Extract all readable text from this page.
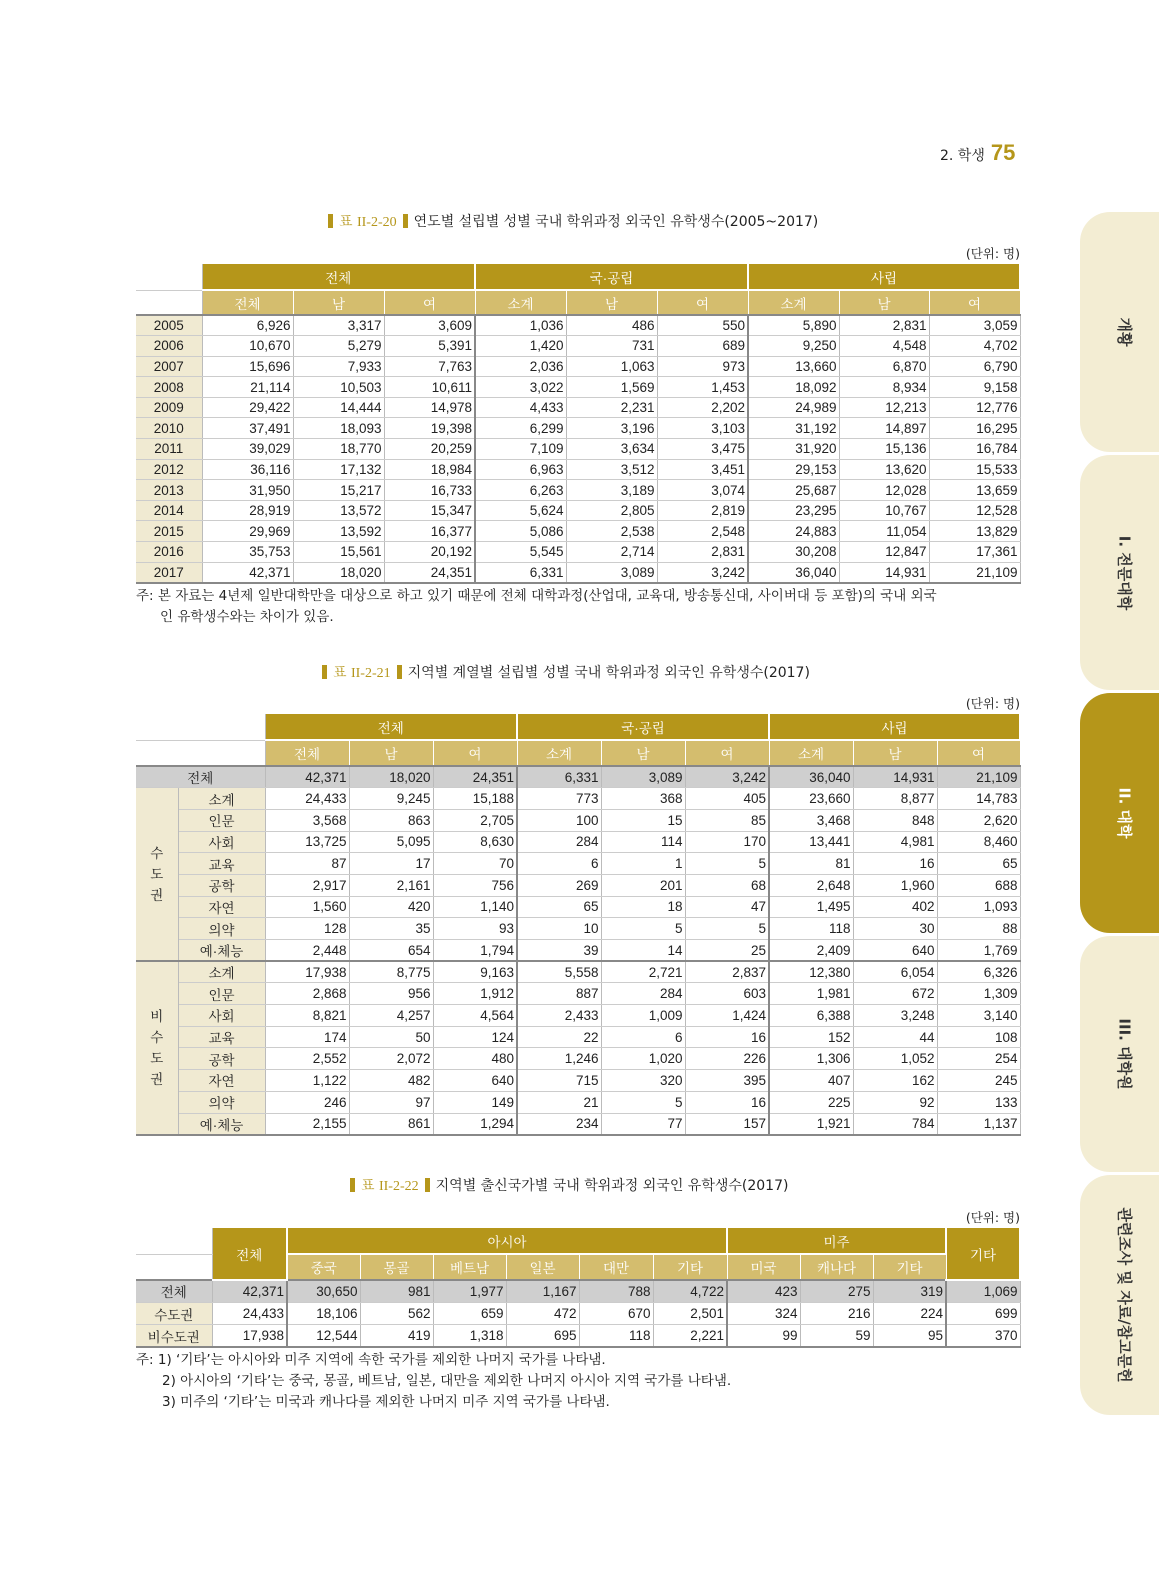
2. 학생 75
개황
I. 전문대학
II. 대학
III. 대학원
관련조사 및 자료/참고문헌
표 II-2-20 연도별 설립별 성별 국내 학위과정 외국인 유학생수(2005~2017)
(단위: 명)
	전체			국·공립			사립		
	전체	남	여	소계	남	여	소계	남	여
2005	6,926	3,317	3,609	1,036	486	550	5,890	2,831	3,059
2006	10,670	5,279	5,391	1,420	731	689	9,250	4,548	4,702
2007	15,696	7,933	7,763	2,036	1,063	973	13,660	6,870	6,790
2008	21,114	10,503	10,611	3,022	1,569	1,453	18,092	8,934	9,158
2009	29,422	14,444	14,978	4,433	2,231	2,202	24,989	12,213	12,776
2010	37,491	18,093	19,398	6,299	3,196	3,103	31,192	14,897	16,295
2011	39,029	18,770	20,259	7,109	3,634	3,475	31,920	15,136	16,784
2012	36,116	17,132	18,984	6,963	3,512	3,451	29,153	13,620	15,533
2013	31,950	15,217	16,733	6,263	3,189	3,074	25,687	12,028	13,659
2014	28,919	13,572	15,347	5,624	2,805	2,819	23,295	10,767	12,528
2015	29,969	13,592	16,377	5,086	2,538	2,548	24,883	11,054	13,829
2016	35,753	15,561	20,192	5,545	2,714	2,831	30,208	12,847	17,361
2017	42,371	18,020	24,351	6,331	3,089	3,242	36,040	14,931	21,109
주: 본 자료는 4년제 일반대학만을 대상으로 하고 있기 때문에 전체 대학과정(산업대, 교육대, 방송통신대, 사이버대 등 포함)의 국내 외국
인 유학생수와는 차이가 있음.
표 II-2-21 지역별 계열별 설립별 성별 국내 학위과정 외국인 유학생수(2017)
(단위: 명)
		전체			국·공립			사립		
		전체	남	여	소계	남	여	소계	남	여
전체		42,371	18,020	24,351	6,331	3,089	3,242	36,040	14,931	21,109
수도권	소계	24,433	9,245	15,188	773	368	405	23,660	8,877	14,783
	인문	3,568	863	2,705	100	15	85	3,468	848	2,620
	사회	13,725	5,095	8,630	284	114	170	13,441	4,981	8,460
	교육	87	17	70	6	1	5	81	16	65
	공학	2,917	2,161	756	269	201	68	2,648	1,960	688
	자연	1,560	420	1,140	65	18	47	1,495	402	1,093
	의약	128	35	93	10	5	5	118	30	88
	예·체능	2,448	654	1,794	39	14	25	2,409	640	1,769
비수도권	소계	17,938	8,775	9,163	5,558	2,721	2,837	12,380	6,054	6,326
	인문	2,868	956	1,912	887	284	603	1,981	672	1,309
	사회	8,821	4,257	4,564	2,433	1,009	1,424	6,388	3,248	3,140
	교육	174	50	124	22	6	16	152	44	108
	공학	2,552	2,072	480	1,246	1,020	226	1,306	1,052	254
	자연	1,122	482	640	715	320	395	407	162	245
	의약	246	97	149	21	5	16	225	92	133
	예·체능	2,155	861	1,294	234	77	157	1,921	784	1,137
표 II-2-22 지역별 출신국가별 국내 학위과정 외국인 유학생수(2017)
(단위: 명)
	전체	아시아						미주			기타
		중국	몽골	베트남	일본	대만	기타	미국	캐나다	기타	
전체	42,371	30,650	981	1,977	1,167	788	4,722	423	275	319	1,069
수도권	24,433	18,106	562	659	472	670	2,501	324	216	224	699
비수도권	17,938	12,544	419	1,318	695	118	2,221	99	59	95	370
주: 1) ‘기타’는 아시아와 미주 지역에 속한 국가를 제외한 나머지 국가를 나타냄.
2) 아시아의 ‘기타’는 중국, 몽골, 베트남, 일본, 대만을 제외한 나머지 아시아 지역 국가를 나타냄.
3) 미주의 ‘기타’는 미국과 캐나다를 제외한 나머지 미주 지역 국가를 나타냄.
